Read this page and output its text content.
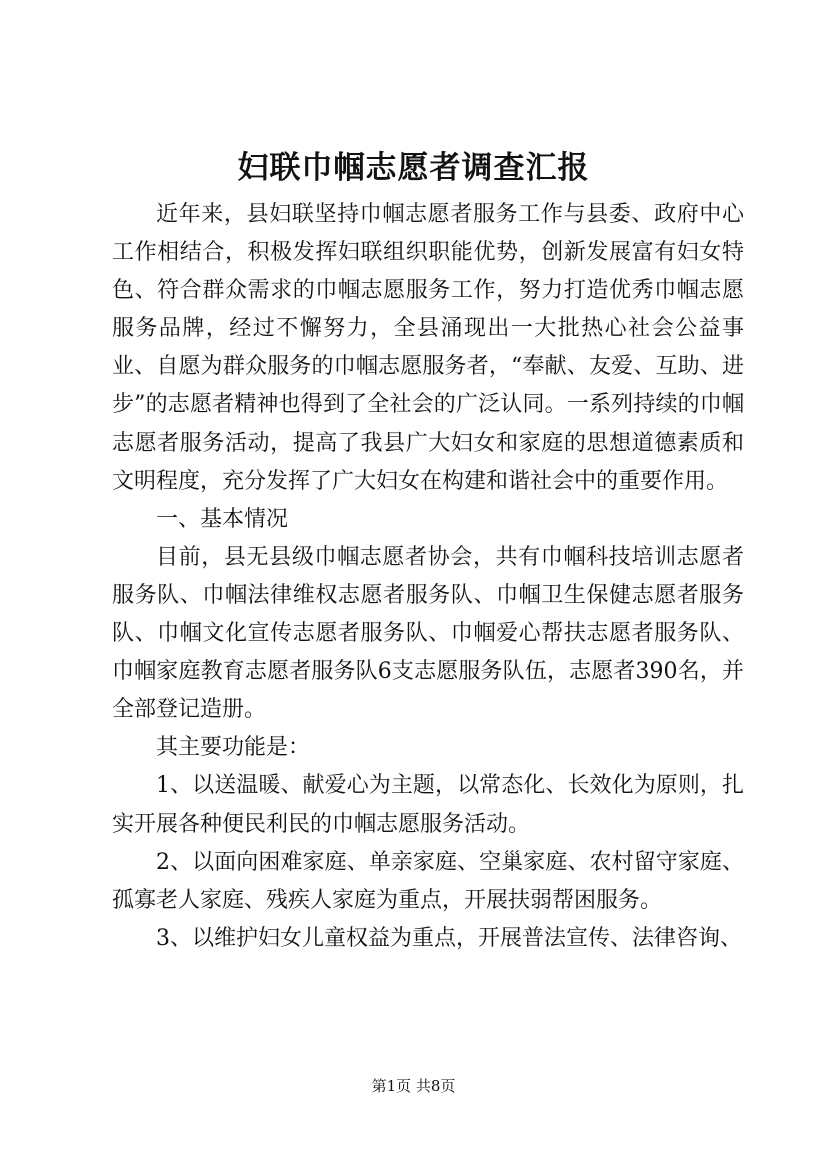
妇联巾帼志愿者调查汇报

近年来，县妇联坚持巾帼志愿者服务工作与县委、政府中心工作相结合，积极发挥妇联组织职能优势，创新发展富有妇女特色、符合群众需求的巾帼志愿服务工作，努力打造优秀巾帼志愿服务品牌，经过不懈努力，全县涌现出一大批热心社会公益事业、自愿为群众服务的巾帼志愿服务者，“奉献、友爱、互助、进步”的志愿者精神也得到了全社会的广泛认同。一系列持续的巾帼志愿者服务活动，提高了我县广大妇女和家庭的思想道德素质和文明程度，充分发挥了广大妇女在构建和谐社会中的重要作用。

一、基本情况

目前，县无县级巾帼志愿者协会，共有巾帼科技培训志愿者服务队、巾帼法律维权志愿者服务队、巾帼卫生保健志愿者服务队、巾帼文化宣传志愿者服务队、巾帼爱心帮扶志愿者服务队、巾帼家庭教育志愿者服务队6支志愿服务队伍，志愿者390名，并全部登记造册。

其主要功能是：

1、以送温暖、献爱心为主题，以常态化、长效化为原则，扎实开展各种便民利民的巾帼志愿服务活动。

2、以面向困难家庭、单亲家庭、空巢家庭、农村留守家庭、孤寡老人家庭、残疾人家庭为重点，开展扶弱帮困服务。

3、以维护妇女儿童权益为重点，开展普法宣传、法律咨询、

第1页 共8页
